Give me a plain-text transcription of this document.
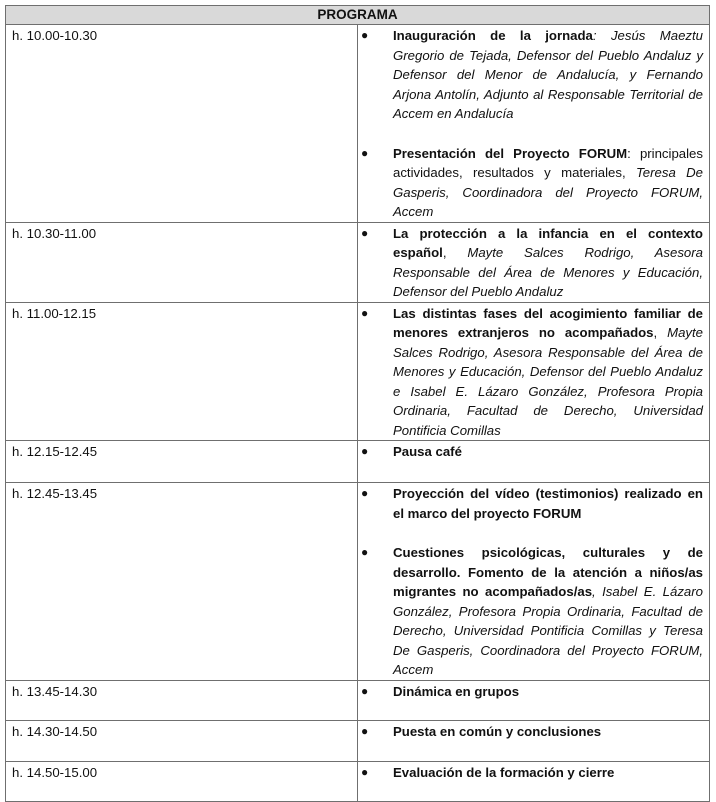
PROGRAMA	
h. 10.00-10.30	● Inauguración de la jornada: Jesús Maeztu Gregorio de Tejada, Defensor del Pueblo Andaluz y Defensor del Menor de Andalucía, y Fernando Arjona Antolín, Adjunto al Responsable Territorial de Accem en Andalucía
● Presentación del Proyecto FORUM: principales actividades, resultados y materiales, Teresa De Gasperis, Coordinadora del Proyecto FORUM, Accem

h. 10.30-11.00	● La protección a la infancia en el contexto español, Mayte Salces Rodrigo, Asesora Responsable del Área de Menores y Educación, Defensor del Pueblo Andaluz

h. 11.00-12.15	● Las distintas fases del acogimiento familiar de menores extranjeros no acompañados, Mayte Salces Rodrigo, Asesora Responsable del Área de Menores y Educación, Defensor del Pueblo Andaluz e Isabel E. Lázaro González, Profesora Propia Ordinaria, Facultad de Derecho, Universidad Pontificia Comillas

h. 12.15-12.45	● Pausa café

h. 12.45-13.45	● Proyección del vídeo (testimonios) realizado en el marco del proyecto FORUM
● Cuestiones psicológicas, culturales y de desarrollo. Fomento de la atención a niños/as migrantes no acompañados/as, Isabel E. Lázaro González, Profesora Propia Ordinaria, Facultad de Derecho, Universidad Pontificia Comillas y Teresa De Gasperis, Coordinadora del Proyecto FORUM, Accem

h. 13.45-14.30	● Dinámica en grupos

h. 14.30-14.50	● Puesta en común y conclusiones

h. 14.50-15.00	● Evaluación de la formación y cierre
